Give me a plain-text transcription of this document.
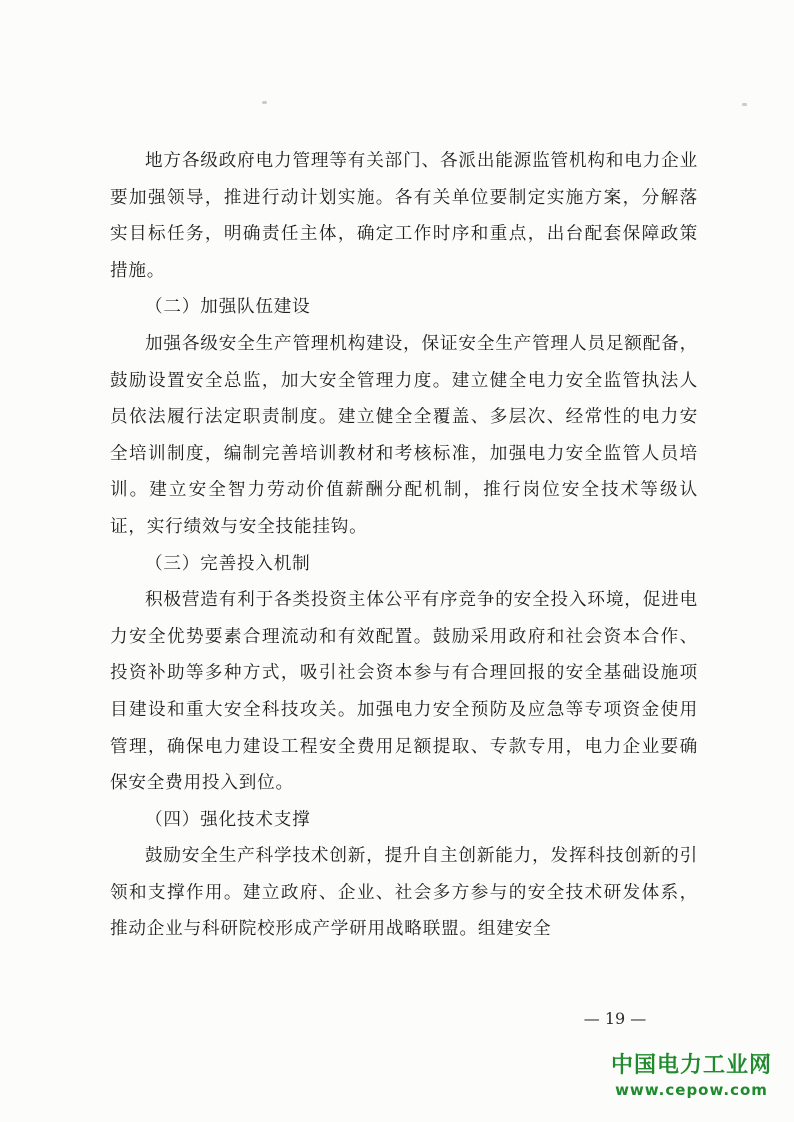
地方各级政府电力管理等有关部门、各派出能源监管机构和电力企业要加强领导，推进行动计划实施。各有关单位要制定实施方案，分解落实目标任务，明确责任主体，确定工作时序和重点，出台配套保障政策措施。

（二）加强队伍建设

加强各级安全生产管理机构建设，保证安全生产管理人员足额配备，鼓励设置安全总监，加大安全管理力度。建立健全电力安全监管执法人员依法履行法定职责制度。建立健全全覆盖、多层次、经常性的电力安全培训制度，编制完善培训教材和考核标准，加强电力安全监管人员培训。建立安全智力劳动价值薪酬分配机制，推行岗位安全技术等级认证，实行绩效与安全技能挂钩。

（三）完善投入机制

积极营造有利于各类投资主体公平有序竞争的安全投入环境，促进电力安全优势要素合理流动和有效配置。鼓励采用政府和社会资本合作、投资补助等多种方式，吸引社会资本参与有合理回报的安全基础设施项目建设和重大安全科技攻关。加强电力安全预防及应急等专项资金使用管理，确保电力建设工程安全费用足额提取、专款专用，电力企业要确保安全费用投入到位。

（四）强化技术支撑

鼓励安全生产科学技术创新，提升自主创新能力，发挥科技创新的引领和支撑作用。建立政府、企业、社会多方参与的安全技术研发体系，推动企业与科研院校形成产学研用战略联盟。组建安全

— 19 —
中国电力工业网
www.cepow.com
